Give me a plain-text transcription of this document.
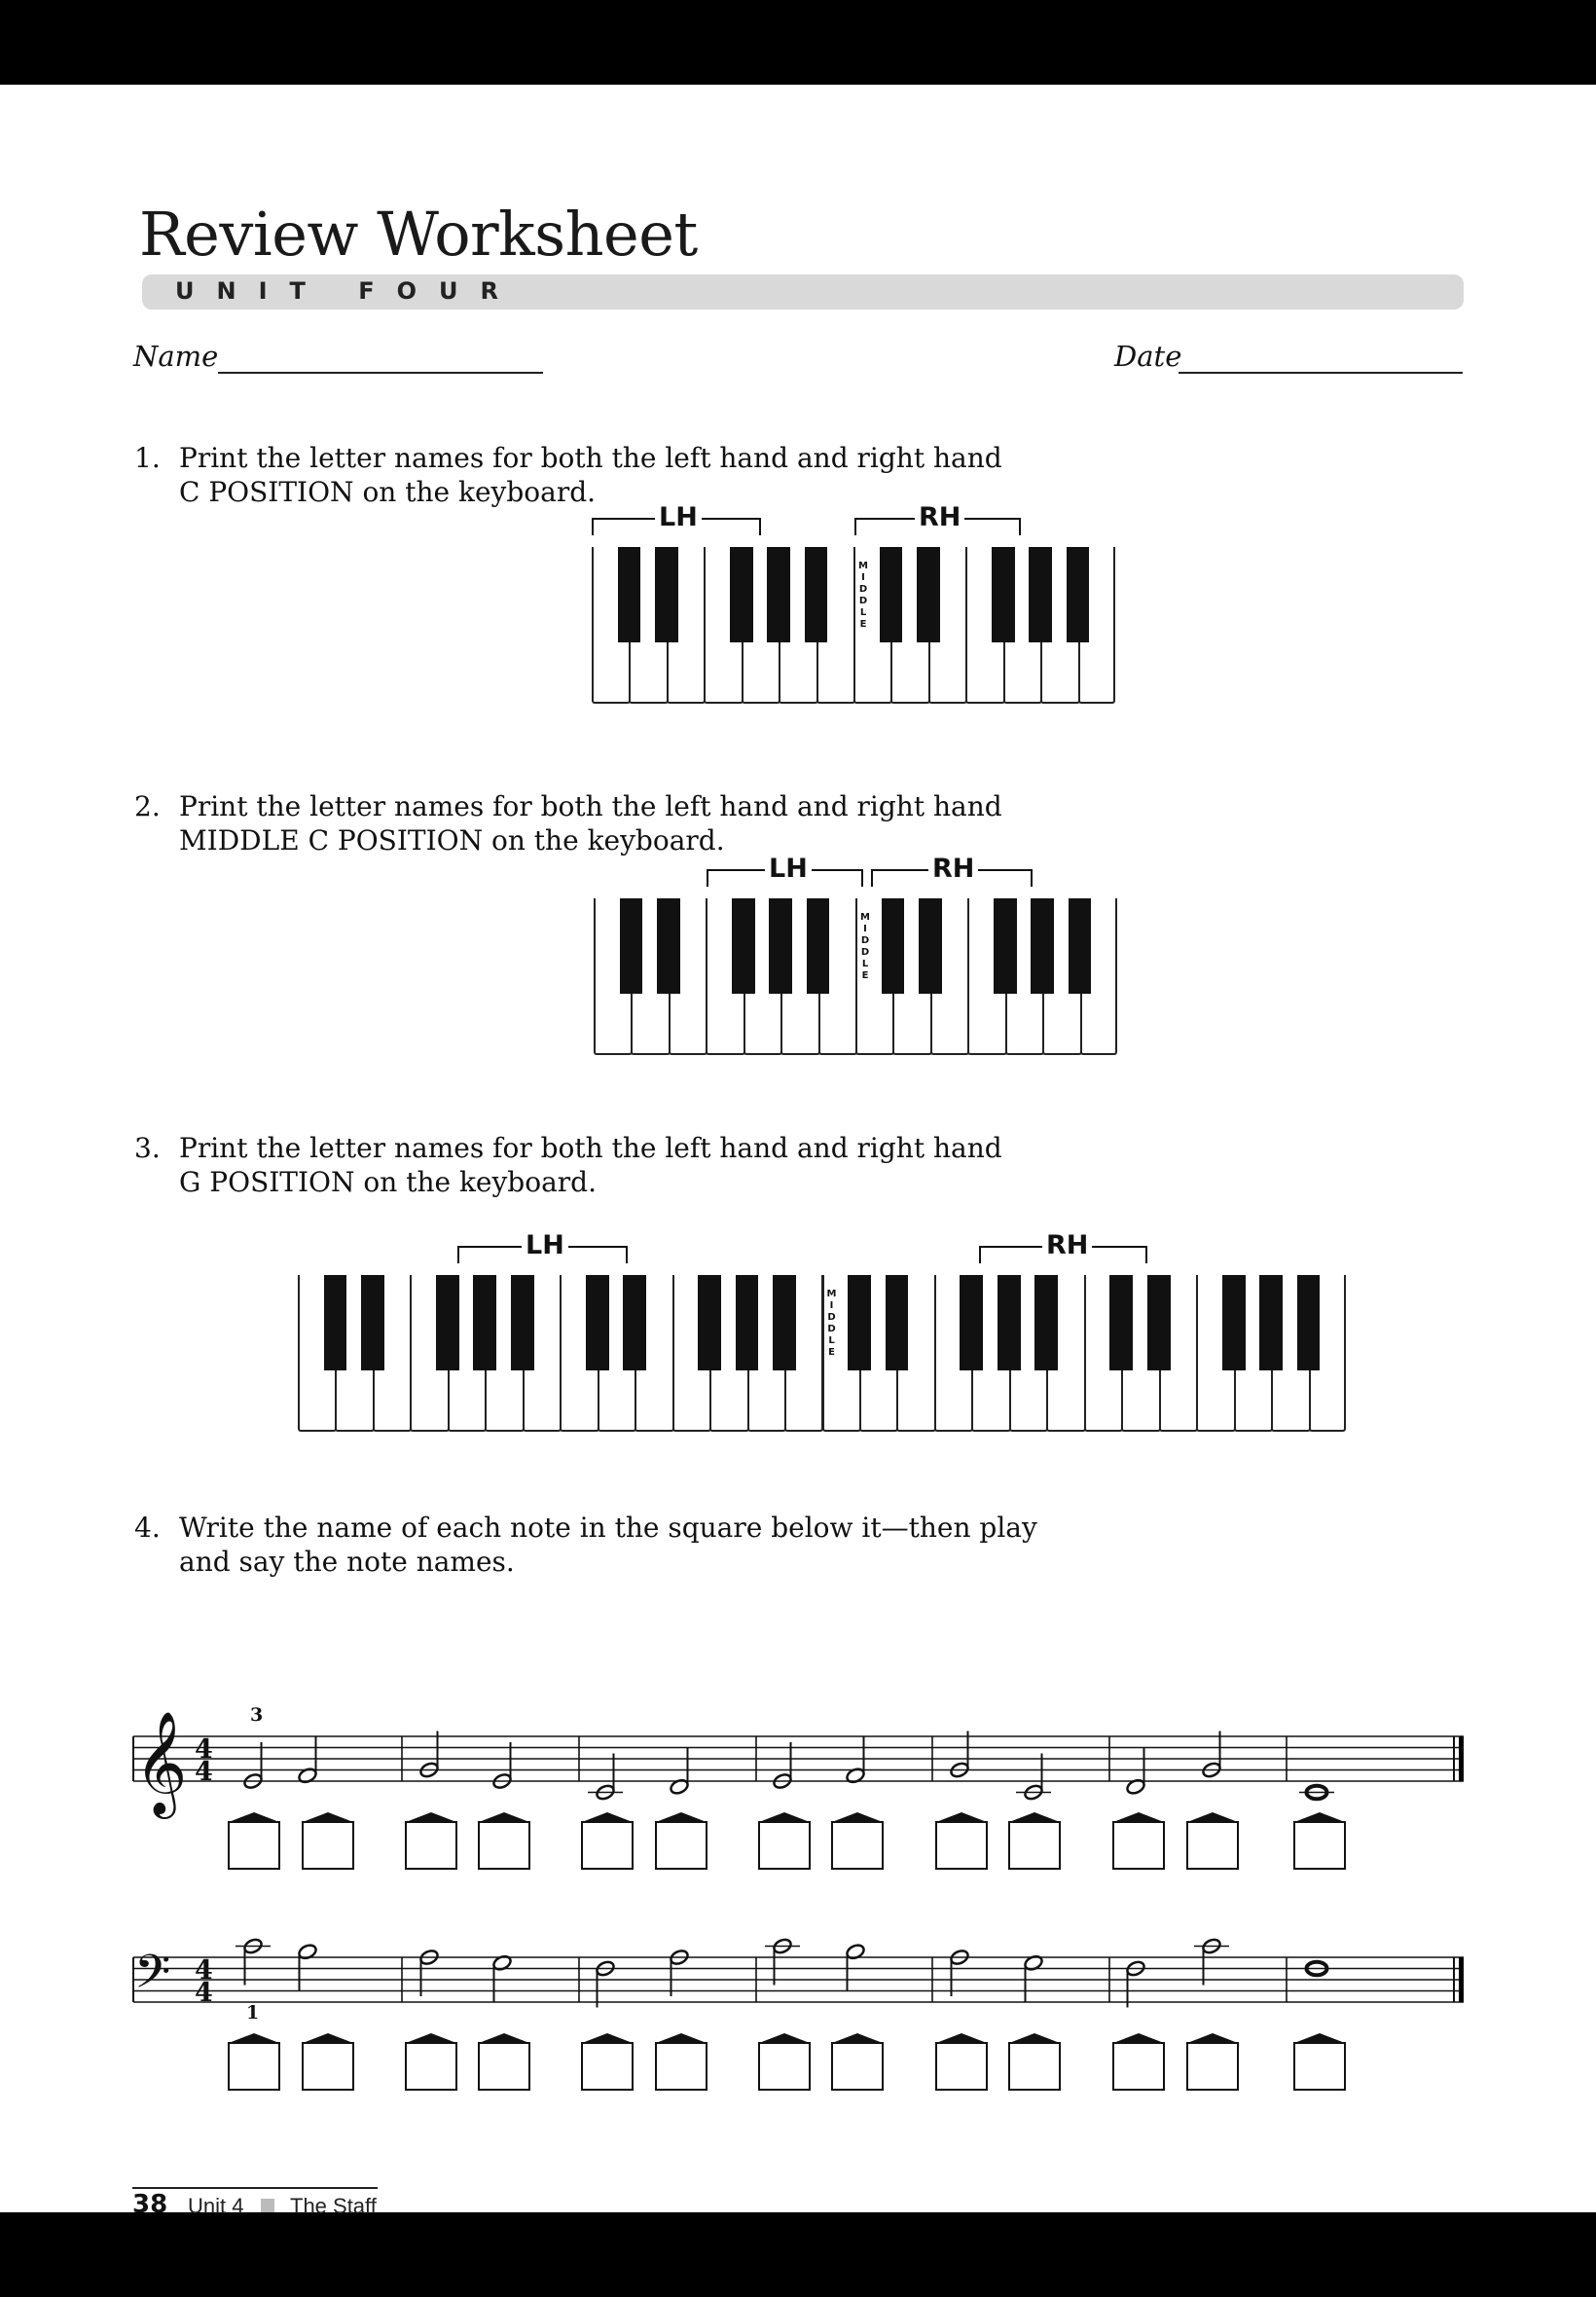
Review Worksheet
UNIT FOUR
Name	Date
1. Print the letter names for both the left hand and right hand
C POSITION on the keyboard.
M
I
D
D
L
E
LH	RH
2. Print the letter names for both the left hand and right hand
MIDDLE C POSITION on the keyboard.
M
I
D
D
L
E
LH	RH
3. Print the letter names for both the left hand and right hand
G POSITION on the keyboard.
M
I
D
D
L
E
LH	RH
4. Write the name of each note in the square below it—then play
and say the note names.
𝄞 4
4
3
𝄢 4
4
1
38 Unit 4 The Staff
